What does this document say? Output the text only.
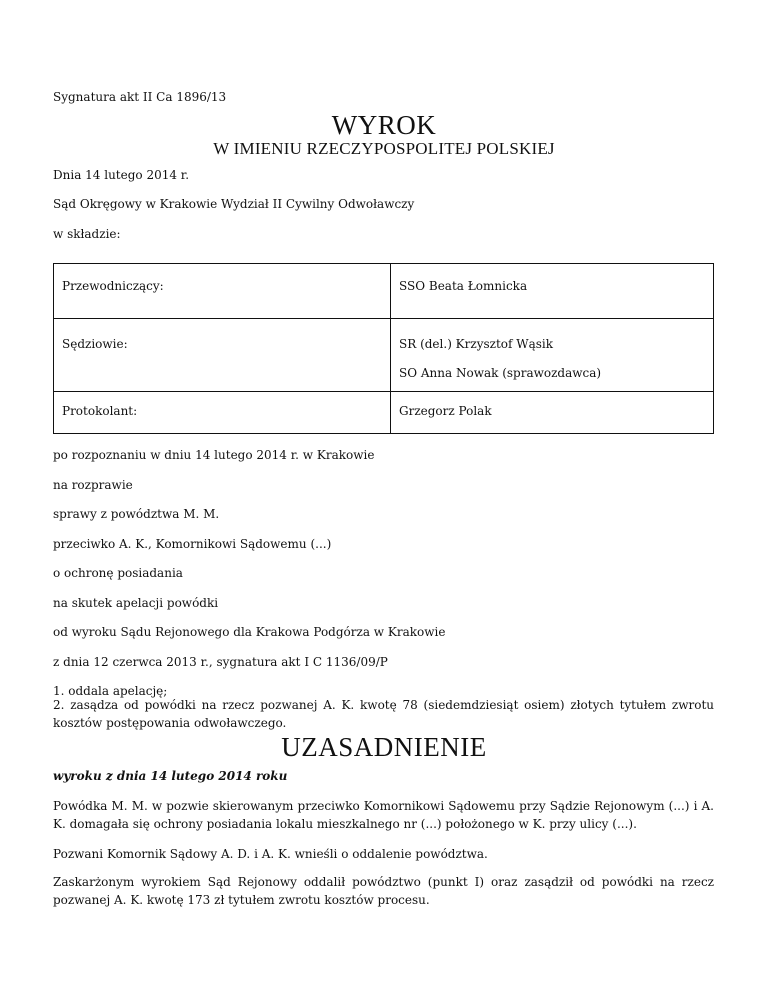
Sygnatura akt II Ca 1896/13
WYROK
W IMIENIU RZECZYPOSPOLITEJ POLSKIEJ
Dnia 14 lutego 2014 r.
Sąd Okręgowy w Krakowie Wydział II Cywilny Odwoławczy
w składzie:
Przewodniczący:	SSO Beata Łomnicka

Sędziowie:	SR (del.) Krzysztof Wąsik
SO Anna Nowak (sprawozdawca)

Protokolant:	Grzegorz Polak
po rozpoznaniu w dniu 14 lutego 2014 r. w Krakowie
na rozprawie
sprawy z powództwa M. M.
przeciwko A. K., Komornikowi Sądowemu (...)
o ochronę posiadania
na skutek apelacji powódki
od wyroku Sądu Rejonowego dla Krakowa Podgórza w Krakowie
z dnia 12 czerwca 2013 r., sygnatura akt I C 1136/09/P
1. oddala apelację;
2. zasądza od powódki na rzecz pozwanej A. K. kwotę 78 (siedemdziesiąt osiem) złotych tytułem zwrotu kosztów postępowania odwoławczego.
UZASADNIENIE
wyroku z dnia 14 lutego 2014 roku
Powódka M. M. w pozwie skierowanym przeciwko Komornikowi Sądowemu przy Sądzie Rejonowym (...) i A. K. domagała się ochrony posiadania lokalu mieszkalnego nr (...) położonego w K. przy ulicy (...).
Pozwani Komornik Sądowy A. D. i A. K. wnieśli o oddalenie powództwa.
Zaskarżonym wyrokiem Sąd Rejonowy oddalił powództwo (punkt I) oraz zasądził od powódki na rzecz pozwanej A. K. kwotę 173 zł tytułem zwrotu kosztów procesu.
